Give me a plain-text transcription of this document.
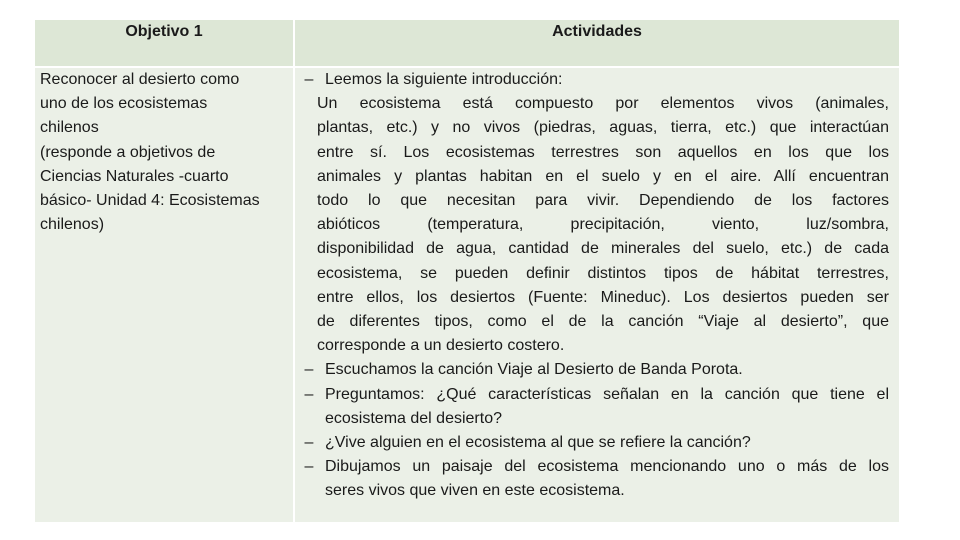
Objetivo 1	Actividades
Reconocer al desierto como
uno de los ecosistemas
chilenos
(responde a objetivos de
Ciencias Naturales -cuarto
básico- Unidad 4: Ecosistemas
chilenos)
– Leemos la siguiente introducción:
Un ecosistema está compuesto por elementos vivos (animales,
plantas, etc.) y no vivos (piedras, aguas, tierra, etc.) que interactúan
entre sí. Los ecosistemas terrestres son aquellos en los que los
animales y plantas habitan en el suelo y en el aire. Allí encuentran
todo lo que necesitan para vivir. Dependiendo de los factores
abióticos (temperatura, precipitación, viento, luz/sombra,
disponibilidad de agua, cantidad de minerales del suelo, etc.) de cada
ecosistema, se pueden definir distintos tipos de hábitat terrestres,
entre ellos, los desiertos (Fuente: Mineduc). Los desiertos pueden ser
de diferentes tipos, como el de la canción “Viaje al desierto”, que
corresponde a un desierto costero.
– Escuchamos la canción Viaje al Desierto de Banda Porota.
– Preguntamos: ¿Qué características señalan en la canción que tiene el
ecosistema del desierto?
– ¿Vive alguien en el ecosistema al que se refiere la canción?
– Dibujamos un paisaje del ecosistema mencionando uno o más de los
seres vivos que viven en este ecosistema.
